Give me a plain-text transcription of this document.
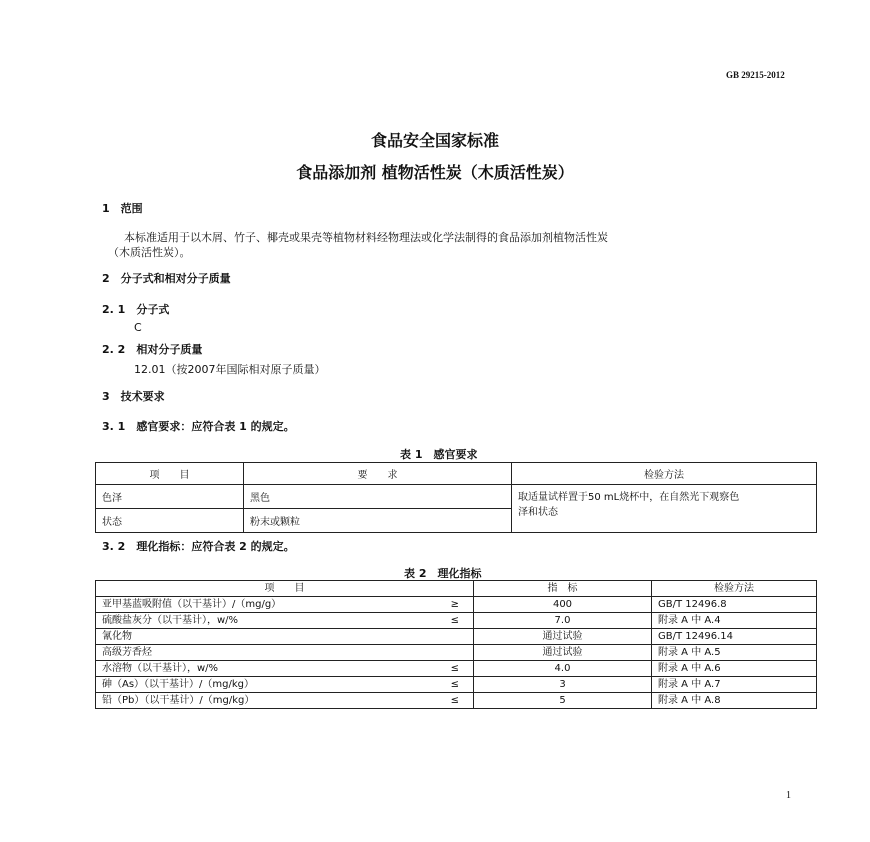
GB 29215-2012
食品安全国家标准
食品添加剂 植物活性炭（木质活性炭）
1　范围
本标准适用于以木屑、竹子、椰壳或果壳等植物材料经物理法或化学法制得的食品添加剂植物活性炭
（木质活性炭）。
2　分子式和相对分子质量
2. 1　分子式
C
2. 2　相对分子质量
12.01（按2007年国际相对原子质量）
3　技术要求
3. 1　感官要求：应符合表 1 的规定。
表 1　感官要求
项　　目	要　　求	检验方法
色泽	黑色	取适量试样置于50 mL烧杯中，在自然光下观察色
泽和状态

状态	粉末或颗粒	
3. 2　理化指标：应符合表 2 的规定。
表 2　理化指标
项　　目	指　标	检验方法
亚甲基蓝吸附值（以干基计）/（mg/g） ≥	400	GB/T 12496.8
硫酸盐灰分（以干基计），w/% ≤	7.0	附录 A 中 A.4
氰化物	通过试验	GB/T 12496.14
高级芳香烃	通过试验	附录 A 中 A.5
水溶物（以干基计），w/% ≤	4.0	附录 A 中 A.6
砷（As）（以干基计）/（mg/kg） ≤	3	附录 A 中 A.7
铅（Pb）（以干基计）/（mg/kg） ≤	5	附录 A 中 A.8
1
